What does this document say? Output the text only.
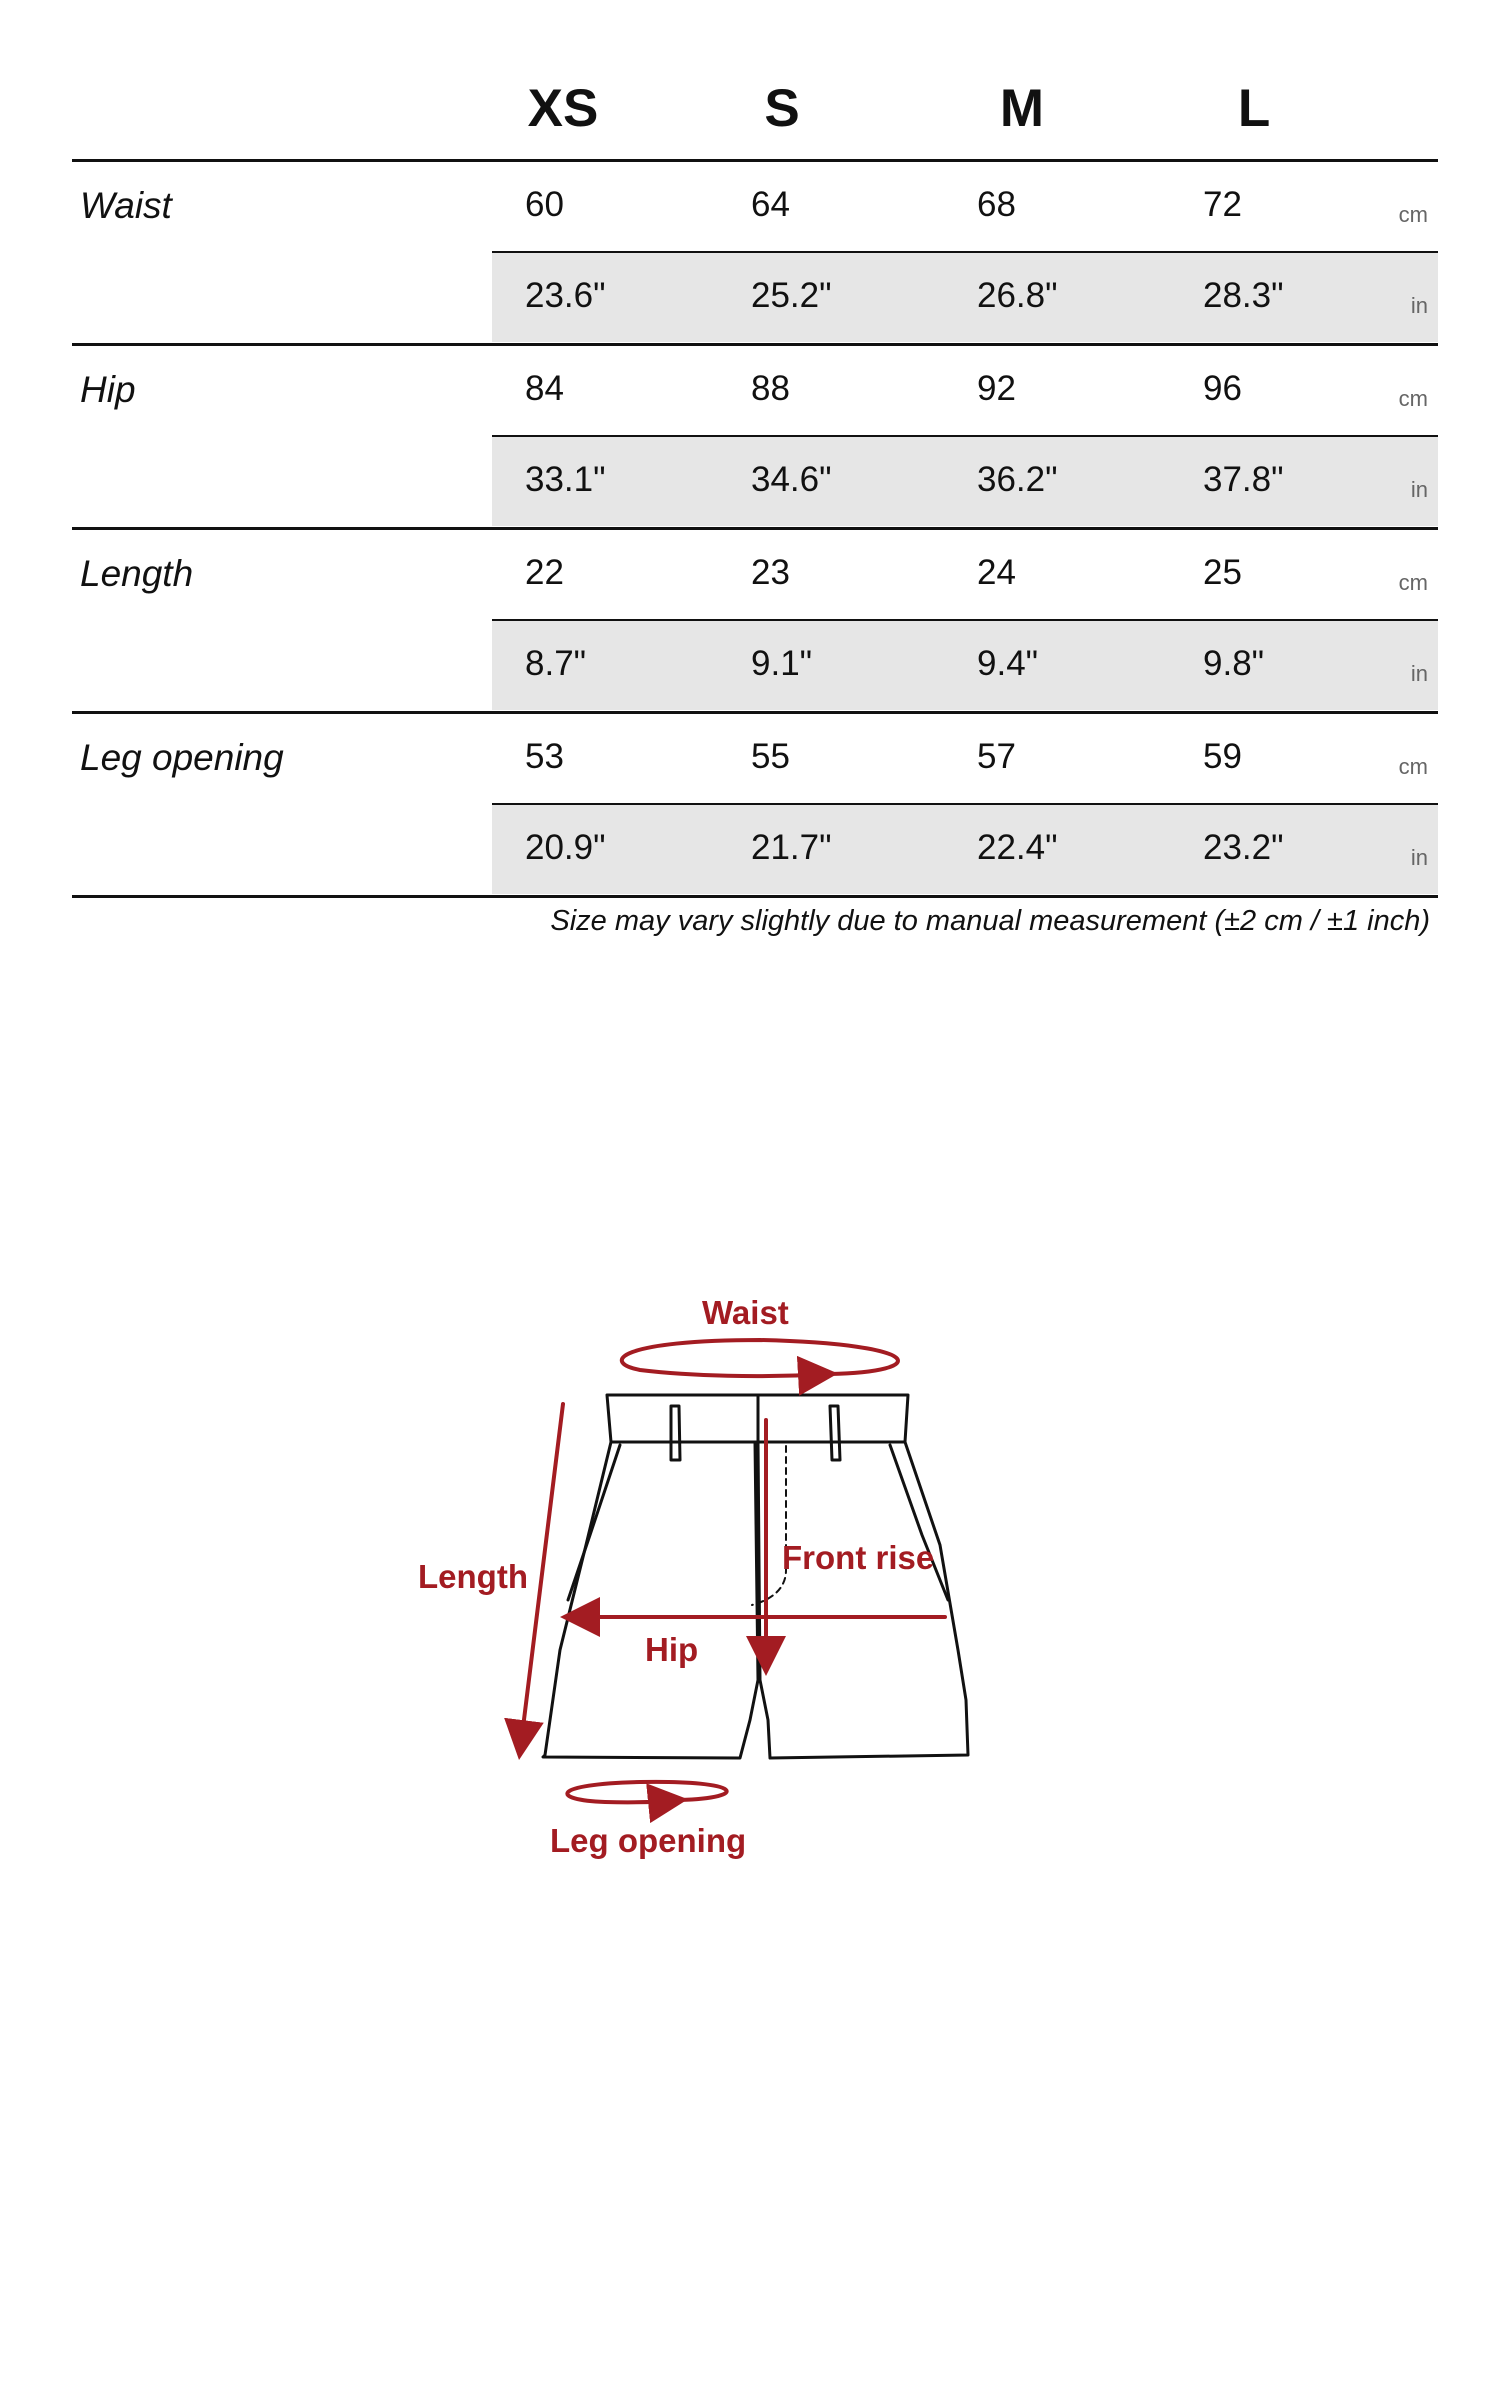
XS	S	M	L
Waist	60	64	68	72	cm
23.6"	25.2"	26.8"	28.3"	in
Hip	84	88	92	96	cm
33.1"	34.6"	36.2"	37.8"	in
Length	22	23	24	25	cm
8.7"	9.1"	9.4"	9.8"	in
Leg opening	53	55	57	59	cm
20.9"	21.7"	22.4"	23.2"	in
Size may vary slightly due to manual measurement (±2 cm / ±1 inch)
Waist
Length
Front rise
Hip
Leg opening
